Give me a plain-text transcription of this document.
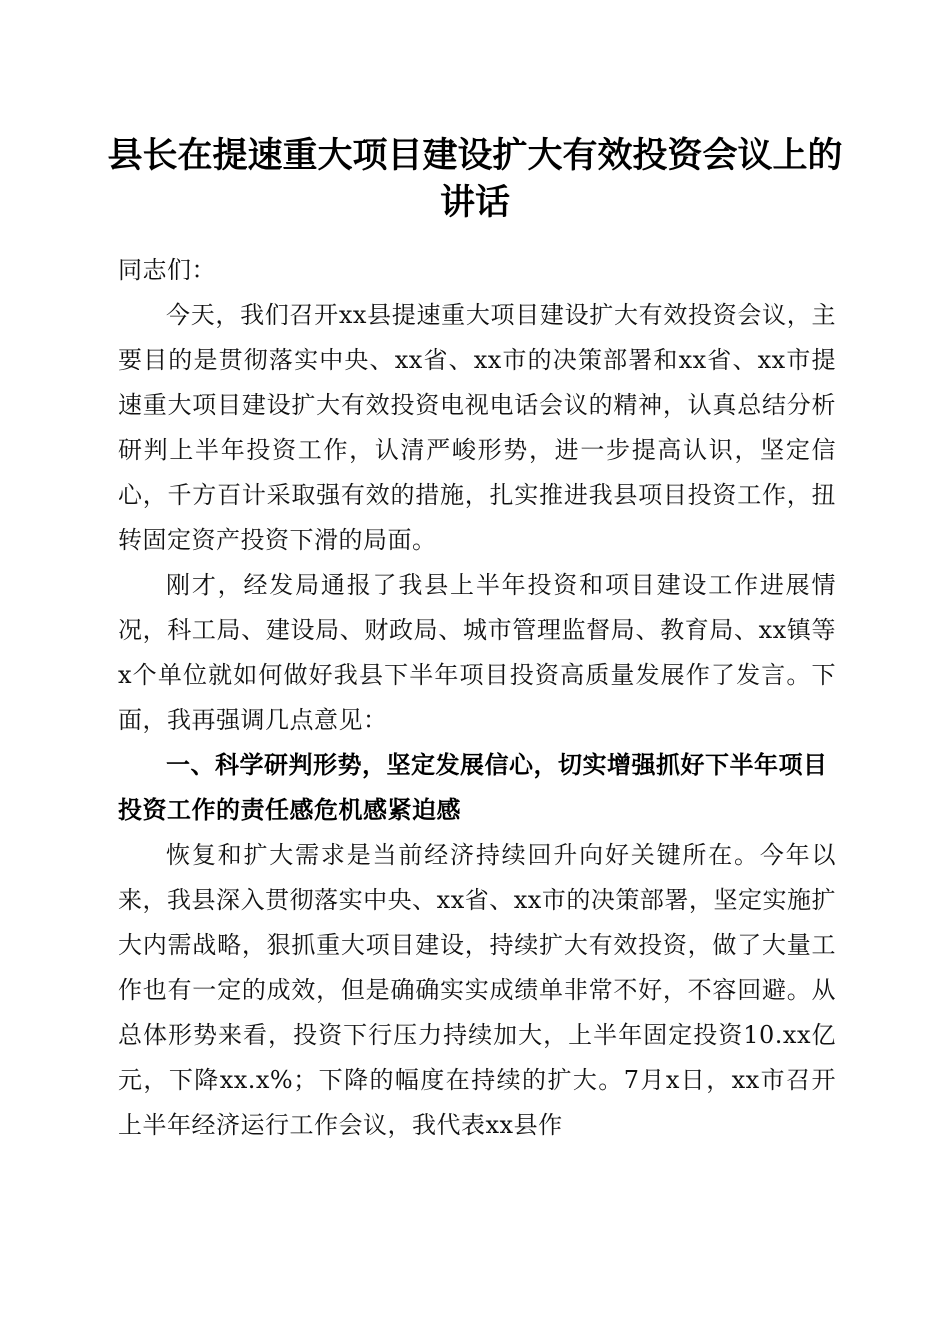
县长在提速重大项目建设扩大有效投资会议上的讲话

同志们：

今天，我们召开xx县提速重大项目建设扩大有效投资会议，主要目的是贯彻落实中央、xx省、xx市的决策部署和xx省、xx市提速重大项目建设扩大有效投资电视电话会议的精神，认真总结分析研判上半年投资工作，认清严峻形势，进一步提高认识，坚定信心，千方百计采取强有效的措施，扎实推进我县项目投资工作，扭转固定资产投资下滑的局面。

刚才，经发局通报了我县上半年投资和项目建设工作进展情况，科工局、建设局、财政局、城市管理监督局、教育局、xx镇等x个单位就如何做好我县下半年项目投资高质量发展作了发言。下面，我再强调几点意见：

一、科学研判形势，坚定发展信心，切实增强抓好下半年项目投资工作的责任感危机感紧迫感

恢复和扩大需求是当前经济持续回升向好关键所在。今年以来，我县深入贯彻落实中央、xx省、xx市的决策部署，坚定实施扩大内需战略，狠抓重大项目建设，持续扩大有效投资，做了大量工作也有一定的成效，但是确确实实成绩单非常不好，不容回避。从总体形势来看，投资下行压力持续加大，上半年固定投资10.xx亿元，下降xx.x%；下降的幅度在持续的扩大。7月x日，xx市召开上半年经济运行工作会议，我代表xx县作
